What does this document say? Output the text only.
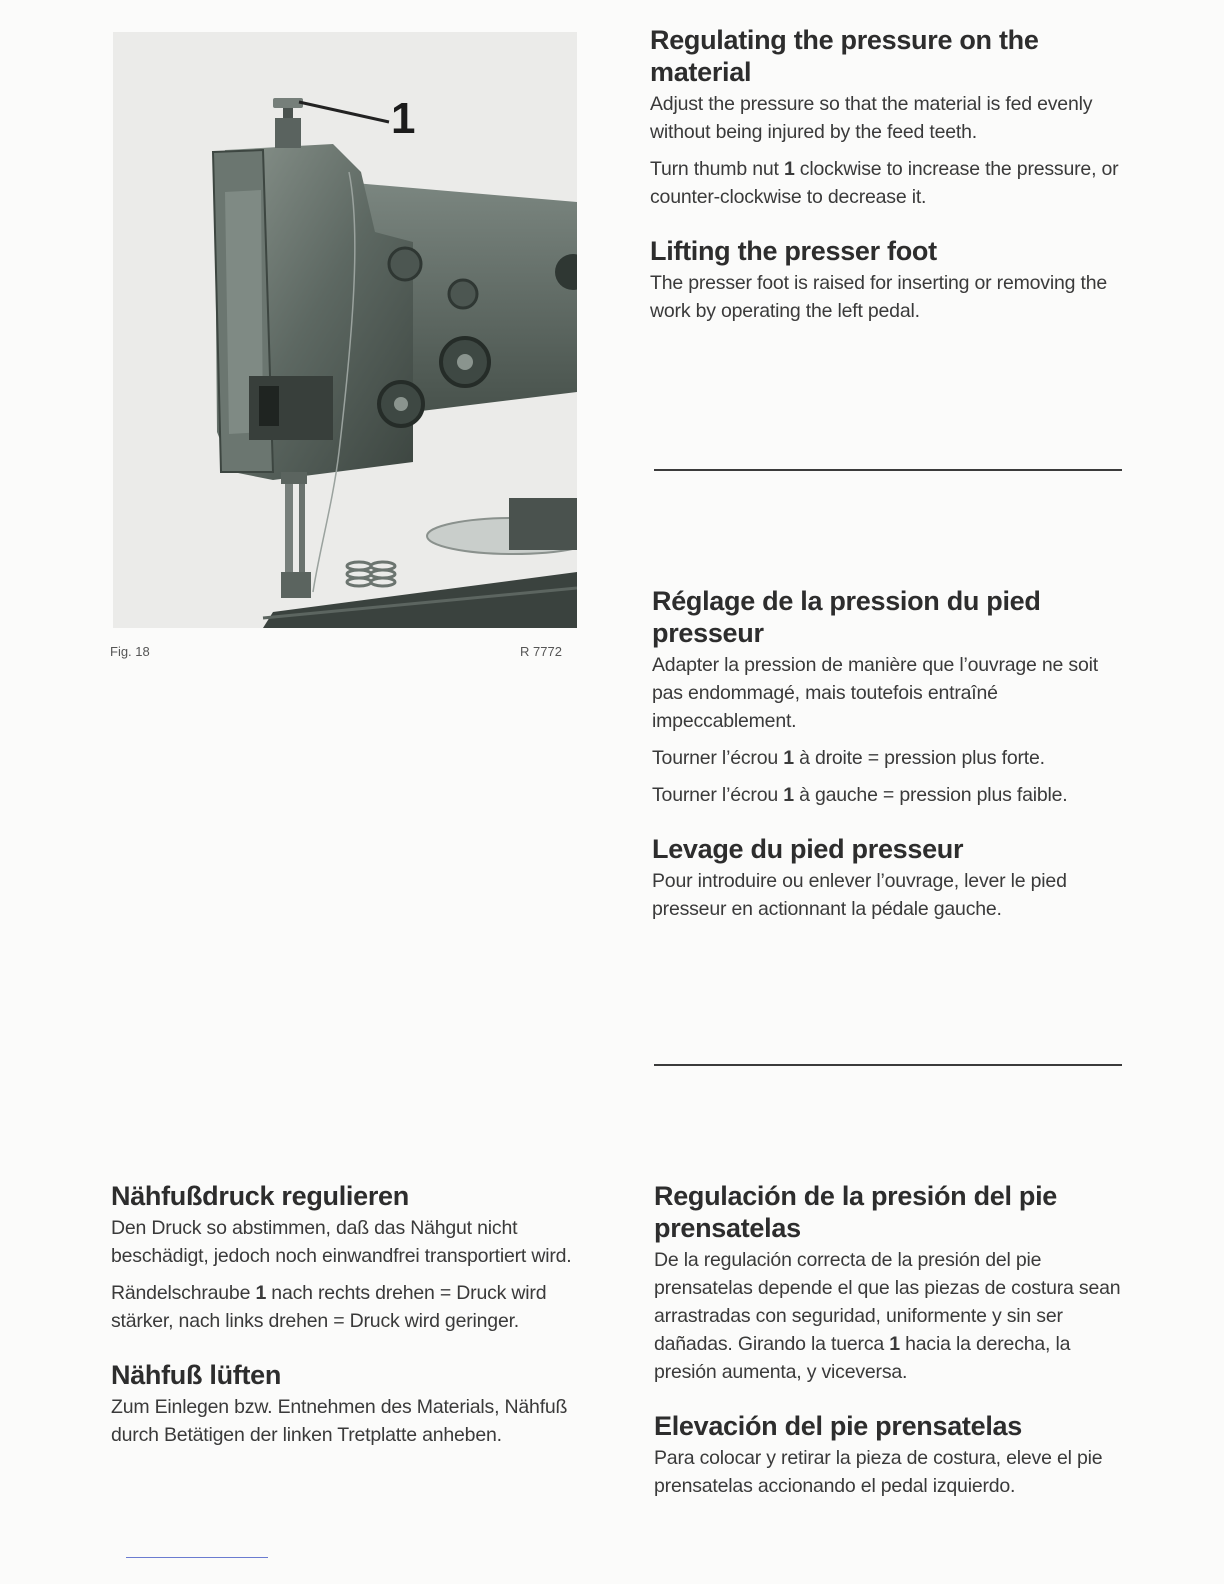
1
Fig. 18	R 7772
Regulating the pressure on the material

Adjust the pressure so that the material is fed evenly without being injured by the feed teeth.

Turn thumb nut 1 clockwise to increase the pressure, or counter-clockwise to decrease it.

Lifting the presser foot

The presser foot is raised for inserting or removing the work by operating the left pedal.

Réglage de la pression du pied presseur

Adapter la pression de manière que l’ouvrage ne soit pas endommagé, mais toutefois entraîné impeccablement.

Tourner l’écrou 1 à droite = pression plus forte.

Tourner l’écrou 1 à gauche = pression plus faible.

Levage du pied presseur

Pour introduire ou enlever l’ouvrage, lever le pied presseur en actionnant la pédale gauche.

Nähfußdruck regulieren

Den Druck so abstimmen, daß das Nähgut nicht beschädigt, jedoch noch einwandfrei transportiert wird.

Rändelschraube 1 nach rechts drehen = Druck wird stärker, nach links drehen = Druck wird geringer.

Nähfuß lüften

Zum Einlegen bzw. Entnehmen des Materials, Nähfuß durch Betätigen der linken Tretplatte anheben.

Regulación de la presión del pie prensatelas

De la regulación correcta de la presión del pie prensatelas depende el que las piezas de costura sean arrastradas con seguridad, uniformente y sin ser dañadas. Girando la tuerca 1 hacia la derecha, la presión aumenta, y viceversa.

Elevación del pie prensatelas

Para colocar y retirar la pieza de costura, eleve el pie prensatelas accionando el pedal izquierdo.
